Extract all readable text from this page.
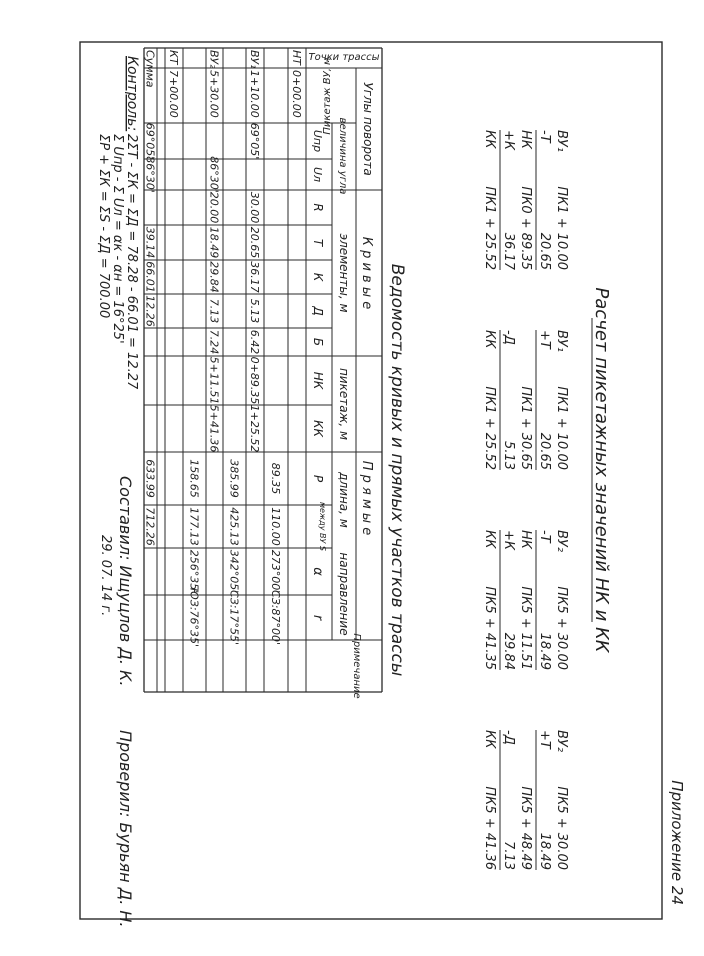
Приложение 24
Расчет пикетажных значений НК и КК
ВУ₁
ПК1 + 10.00
-Т
20.65
НК
ПК0 + 89.35
+К
36.17
КК
ПК1 + 25.52
ВУ₁
ПК1 + 10.00
+Т
20.65
ПК1 + 30.65
-Д
5.13
КК
ПК1 + 25.52
ВУ₂
ПК5 + 30.00
-Т
18.49
НК
ПК5 + 11.51
+К
29.84
КК
ПК5 + 41.35
ВУ₂
ПК5 + 30.00
+Т
18.49
ПК5 + 48.49
-Д
7.13
КК
ПК5 + 41.36
Ведомость кривых и прямых участков трассы
Точки трассы
Углы поворота
Пикетаж ВУ, м
величина угла
Uпр
Uл
К р и в ы е
элементы, м
R
Т
К
Д
Б
П р я м ы е
пикетаж, м
НК
КК
длина, м
Р
между ВУ S
направление
α
r
Примечание
НТ
0+00.00
89.35
110.00
273°00'
СЗ:87°00'
ВУ₁
1+10.00
69°05'
30.00
20.65
36.17
5.13
6.42
0+89.35
1+25.52
385.99
425.13
342°05'
СЗ:17°55'
ВУ₂
5+30.00
86°30'
20.00
18.49
29.84
7.13
7.24
5+11.51
5+41.36
158.65
177.13
256°35'
ЮЗ:76°35'
КТ
7+00.00
Сумма
69°05'
86°30'
39.14
66.01
12.26
633.99
712.26
Контроль:
2ΣТ - ΣК = ΣД = 78.28 - 66.01 = 12.27
Σ Uпр - Σ Uл = αк - αн = 16°25'
ΣР + ΣК = ΣS - ΣД = 700.00
Составил: Ищуцлов Д. К.
29. 07. 14 г.
Проверил: Бурьян Д. Н.
